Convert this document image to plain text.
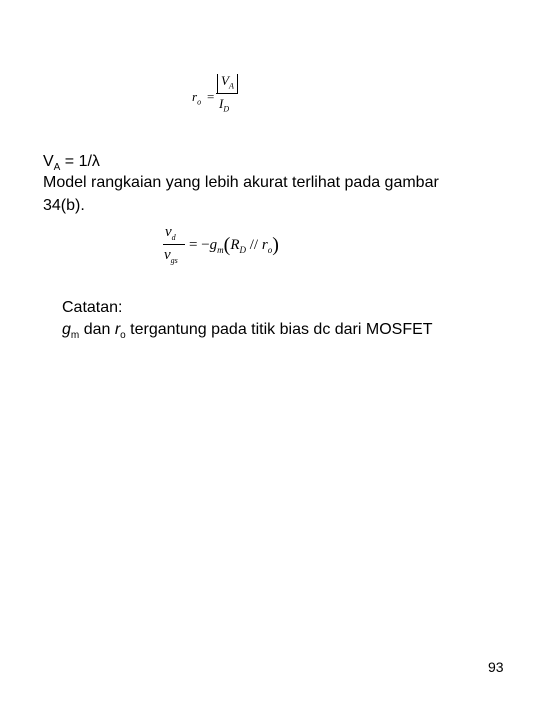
$r_o$ =
$V_A$
$I_D$
$V_A = 1/\lambda$
Model rangkaian yang lebih akurat terlihat pada gambar
34(b).
$v_d$
$v_{gs}$
= $-g_m(R_D // r_o)$
Catatan:
$g_m$ dan $r_o$ tergantung pada titik bias dc dari MOSFET
93
